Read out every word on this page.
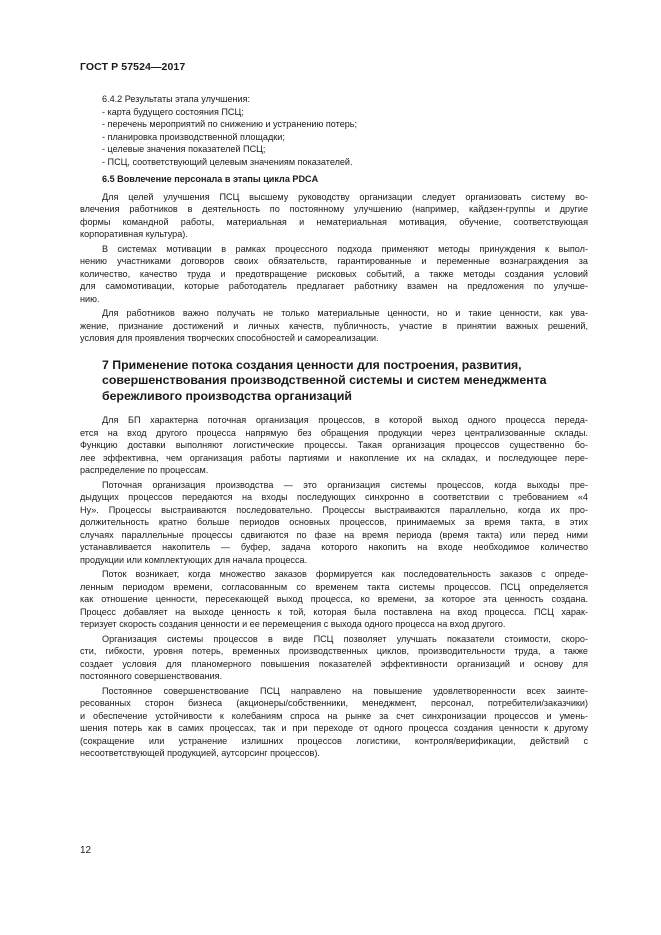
ГОСТ Р 57524—2017
6.4.2 Результаты этапа улучшения:
- карта будущего состояния ПСЦ;
- перечень мероприятий по снижению и устранению потерь;
- планировка производственной площадки;
- целевые значения показателей ПСЦ;
- ПСЦ, соответствующий целевым значениям показателей.
6.5 Вовлечение персонала в этапы цикла PDCA
Для целей улучшения ПСЦ высшему руководству организации следует организовать систему во-
влечения работников в деятельность по постоянному улучшению (например, кайдзен-группы и другие
формы командной работы, материальная и нематериальная мотивация, обучение, соответствующая
корпоративная культура).
В системах мотивации в рамках процессного подхода применяют методы принуждения к выпол-
нению участниками договоров своих обязательств, гарантированные и переменные вознаграждения за
количество, качество труда и предотвращение рисковых событий, а также методы создания условий
для самомотивации, которые работодатель предлагает работнику взамен на предложения по улучше-
нию.
Для работников важно получать не только материальные ценности, но и такие ценности, как ува-
жение, признание достижений и личных качеств, публичность, участие в принятии важных решений,
условия для проявления творческих способностей и самореализации.
7 Применение потока создания ценности для построения, развития,
совершенствования производственной системы и систем менеджмента
бережливого производства организаций
Для БП характерна поточная организация процессов, в которой выход одного процесса переда-
ется на вход другого процесса напрямую без обращения продукции через централизованные склады.
Функцию доставки выполняют логистические процессы. Такая организация процессов существенно бо-
лее эффективна, чем организация работы партиями и накопление их на складах, и последующее пере-
распределение по процессам.
Поточная организация производства — это организация системы процессов, когда выходы пре-
дыдущих процессов передаются на входы последующих синхронно в соответствии с требованием «4
Ну». Процессы выстраиваются последовательно. Процессы выстраиваются параллельно, когда их про-
должительность кратно больше периодов основных процессов, принимаемых за время такта, в этих
случаях параллельные процессы сдвигаются по фазе на время периода (время такта) или перед ними
устанавливается накопитель — буфер, задача которого накопить на входе необходимое количество
продукции или комплектующих для начала процесса.
Поток возникает, когда множество заказов формируется как последовательность заказов с опреде-
ленным периодом времени, согласованным со временем такта системы процессов. ПСЦ определяется
как отношение ценности, пересекающей выход процесса, ко времени, за которое эта ценность создана.
Процесс добавляет на выходе ценность к той, которая была поставлена на вход процесса. ПСЦ харак-
теризует скорость создания ценности и ее перемещения с выхода одного процесса на вход другого.
Организация системы процессов в виде ПСЦ позволяет улучшать показатели стоимости, скоро-
сти, гибкости, уровня потерь, временных производственных циклов, производительности труда, а также
создает условия для планомерного повышения показателей эффективности организаций и основу для
постоянного совершенствования.
Постоянное совершенствование ПСЦ направлено на повышение удовлетворенности всех заинте-
ресованных сторон бизнеса (акционеры/собственники, менеджмент, персонал, потребители/заказчики)
и обеспечение устойчивости к колебаниям спроса на рынке за счет синхронизации процессов и умень-
шения потерь как в самих процессах, так и при переходе от одного процесса создания ценности к другому
(сокращение или устранение излишних процессов логистики, контроля/верификации, действий с
несоответствующей продукцией, аутсорсинг процессов).
12
